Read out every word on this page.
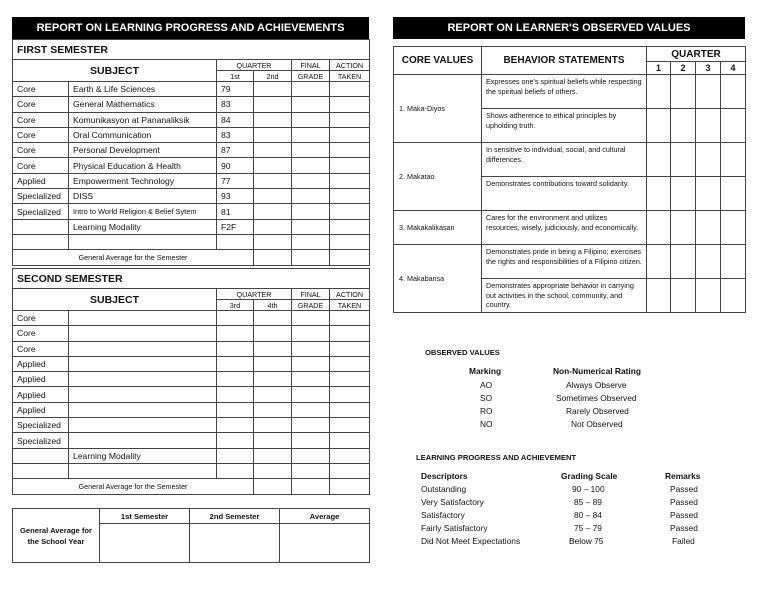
REPORT ON LEARNING PROGRESS AND ACHIEVEMENTS	REPORT ON LEARNER'S OBSERVED VALUES
FIRST SEMESTER					
SUBJECT		QUARTER		FINAL	ACTION
		1st	2nd	GRADE	TAKEN
Core	Earth & Life Sciences	79			
Core	General Mathematics	83			
Core	Komunikasyon at Pananaliksik	84			
Core	Oral Communication	83			
Core	Personal Development	87			
Core	Physical Education & Health	90			
Applied	Empowerment Technology	77			
Specialized	DISS	93			
Specialized	Intro to World Religion & Belief Sytem	81			
	Learning Modality	F2F			

General Average for the Semester					
SECOND SEMESTER					
SUBJECT		QUARTER		FINAL	ACTION
		3rd	4th	GRADE	TAKEN
Core					
Core					
Core					
Applied					
Applied					
Applied					
Applied					
Specialized					
Specialized					
	Learning Modality				

General Average for the Semester					
General Average for the School Year	1st Semester	2nd Semester	Average

CORE VALUES	BEHAVIOR STATEMENTS	QUARTER			
		1	2	3	4
1. Maka-Diyos	Expresses one's spiritual beliefs while respecting the spiritual beliefs of others.				
	Shows adherence to ethical principles by upholding truth.				
2. Makatao	In sensitive to individual, social, and cultural differences.				
	Demonstrates contributions toward solidarity.				
3. Makakalikasan	Cares for the environment and utilizes resources, wisely, judiciously, and economically.				
4. Makabansa	Demonstrates pride in being a Filipino; exercises the rights and responsibilities of a Filipino citizen.				
	Demonstrates appropriate behavior in carrying out activities in the school, community, and country.				
OBSERVED VALUES
Marking	Non-Numerical Rating
AO	Always Observe
SO	Sometimes Observed
RO	Rarely Observed
NO	Not Observed
LEARNING PROGRESS AND ACHIEVEMENT
Descriptors	Grading Scale	Remarks
Outstanding	90 – 100	Passed
Very Satisfactory	85 – 89	Passed
Satisfactory	80 – 84	Passed
Fairly Satisfactory	75 – 79	Passed
Did Not Meet Expectations	Below 75	Failed
